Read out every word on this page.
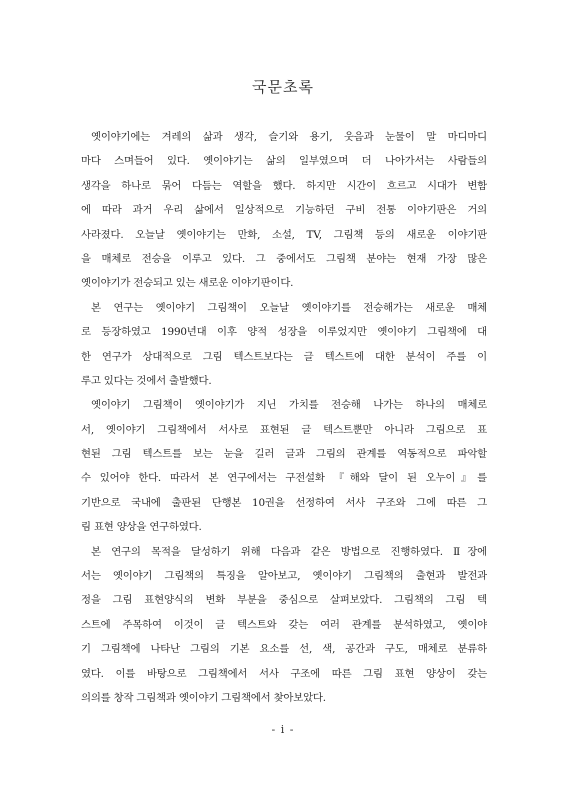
국문초록
옛이야기에는 겨레의 삶과 생각, 슬기와 용기, 웃음과 눈물이 말 마디마디
마다 스며들어 있다. 옛이야기는 삶의 일부였으며 더 나아가서는 사람들의
생각을 하나로 묶어 다듬는 역할을 했다. 하지만 시간이 흐르고 시대가 변함
에 따라 과거 우리 삶에서 일상적으로 기능하던 구비 전통 이야기판은 거의
사라졌다. 오늘날 옛이야기는 만화, 소설, TV, 그림책 등의 새로운 이야기판
을 매체로 전승을 이루고 있다. 그 중에서도 그림책 분야는 현재 가장 많은
옛이야기가 전승되고 있는 새로운 이야기판이다.
본 연구는 옛이야기 그림책이 오늘날 옛이야기를 전승해가는 새로운 매체
로 등장하였고 1990년대 이후 양적 성장을 이루었지만 옛이야기 그림책에 대
한 연구가 상대적으로 그림 텍스트보다는 글 텍스트에 대한 분석이 주를 이
루고 있다는 것에서 출발했다.
옛이야기 그림책이 옛이야기가 지닌 가치를 전승해 나가는 하나의 매체로
서, 옛이야기 그림책에서 서사로 표현된 글 텍스트뿐만 아니라 그림으로 표
현된 그림 텍스트를 보는 눈을 길러 글과 그림의 관계를 역동적으로 파악할
수 있어야 한다. 따라서 본 연구에서는 구전설화 『해와 달이 된 오누이』를
기반으로 국내에 출판된 단행본 10권을 선정하여 서사 구조와 그에 따른 그
림 표현 양상을 연구하였다.
본 연구의 목적을 달성하기 위해 다음과 같은 방법으로 진행하였다. Ⅱ장에
서는 옛이야기 그림책의 특징을 알아보고, 옛이야기 그림책의 출현과 발전과
정을 그림 표현양식의 변화 부분을 중심으로 살펴보았다. 그림책의 그림 텍
스트에 주목하여 이것이 글 텍스트와 갖는 여러 관계를 분석하였고, 옛이야
기 그림책에 나타난 그림의 기본 요소를 선, 색, 공간과 구도, 매체로 분류하
였다. 이를 바탕으로 그림책에서 서사 구조에 따른 그림 표현 양상이 갖는
의의를 창작 그림책과 옛이야기 그림책에서 찾아보았다.
- i -
